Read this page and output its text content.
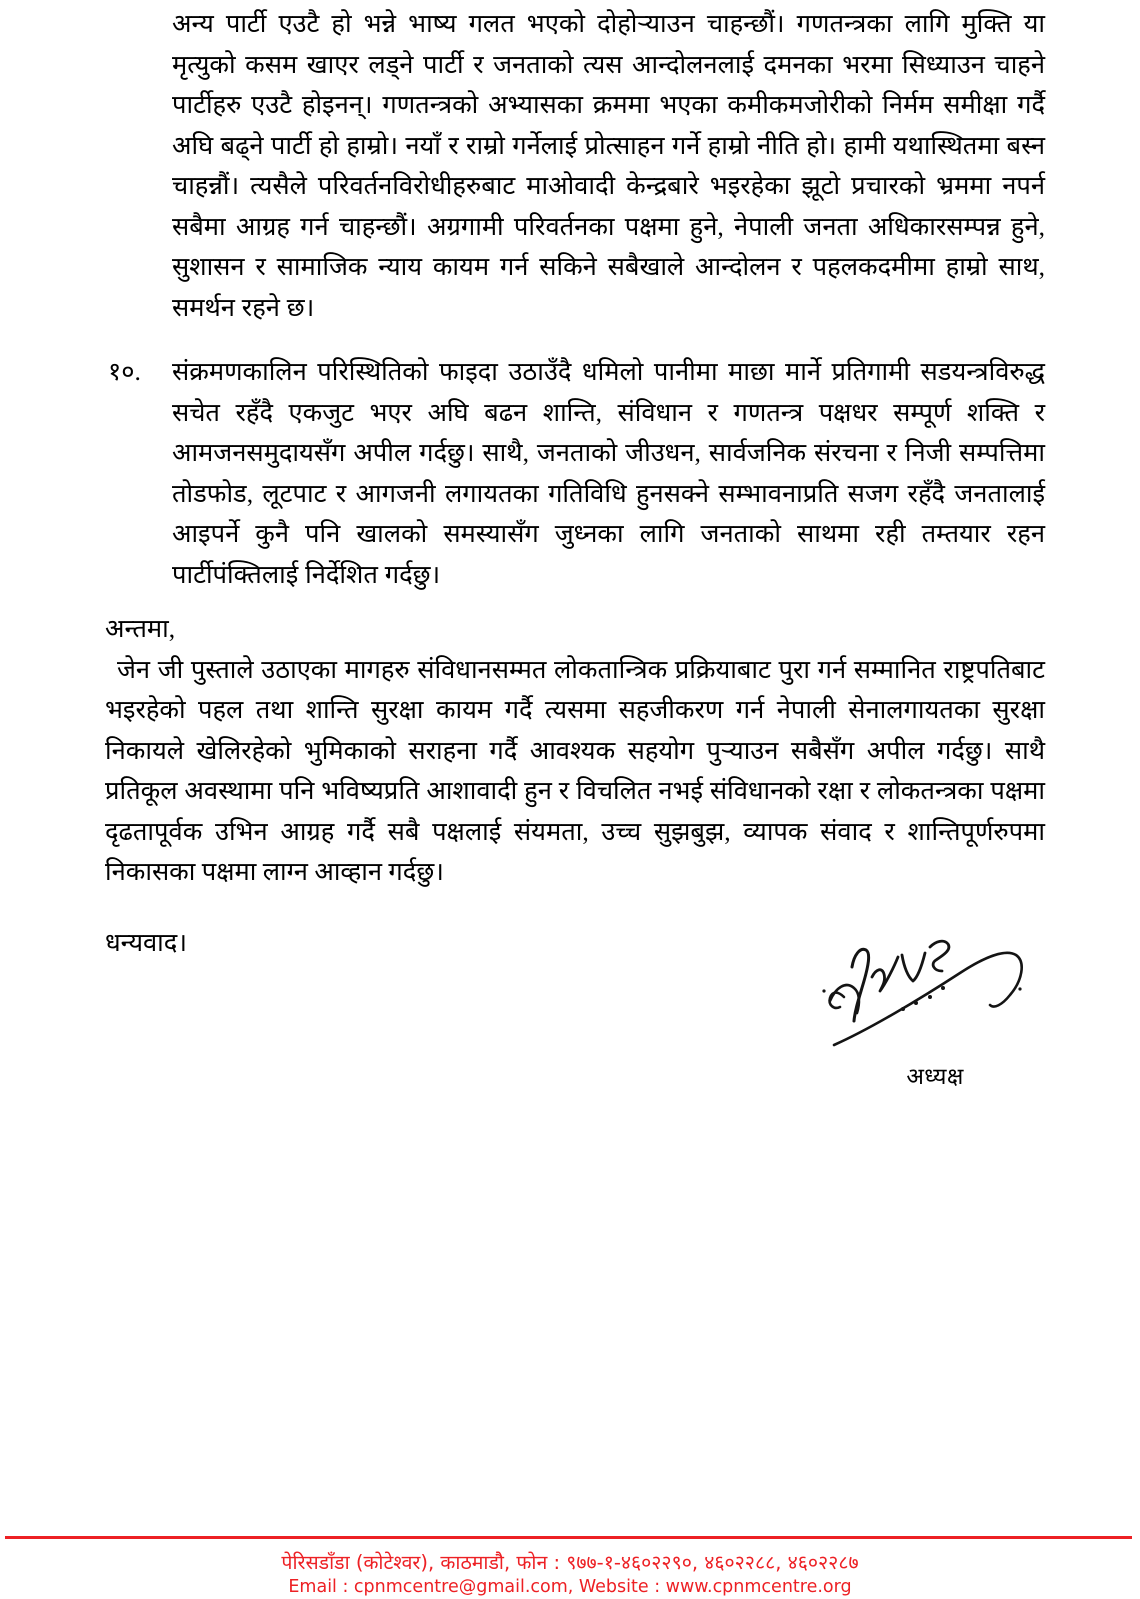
अन्य पार्टी एउटै हो भन्ने भाष्य गलत भएको दोहोर्‍याउन चाहन्छौं। गणतन्त्रका लागि मुक्ति या मृत्युको कसम खाएर लड्ने पार्टी र जनताको त्यस आन्दोलनलाई दमनका भरमा सिध्याउन चाहने पार्टीहरु एउटै होइनन्। गणतन्त्रको अभ्यासका क्रममा भएका कमीकमजोरीको निर्मम समीक्षा गर्दै अघि बढ्ने पार्टी हो हाम्रो। नयाँ र राम्रो गर्नेलाई प्रोत्साहन गर्ने हाम्रो नीति हो। हामी यथास्थितमा बस्न चाहन्नौं। त्यसैले परिवर्तनविरोधीहरुबाट माओवादी केन्द्रबारे भइरहेका झूटो प्रचारको भ्रममा नपर्न सबैमा आग्रह गर्न चाहन्छौं। अग्रगामी परिवर्तनका पक्षमा हुने, नेपाली जनता अधिकारसम्पन्न हुने, सुशासन र सामाजिक न्याय कायम गर्न सकिने सबैखाले आन्दोलन र पहलकदमीमा हाम्रो साथ, समर्थन रहने छ।

१०. संक्रमणकालिन परिस्थितिको फाइदा उठाउँदै धमिलो पानीमा माछा मार्ने प्रतिगामी सडयन्त्रविरुद्ध सचेत रहँदै एकजुट भएर अघि बढन शान्ति, संविधान र गणतन्त्र पक्षधर सम्पूर्ण शक्ति र आमजनसमुदायसँग अपील गर्दछु। साथै, जनताको जीउधन, सार्वजनिक संरचना र निजी सम्पत्तिमा तोडफोड, लूटपाट र आगजनी लगायतका गतिविधि हुनसक्ने सम्भावनाप्रति सजग रहँदै जनतालाई आइपर्ने कुनै पनि खालको समस्यासँग जुध्नका लागि जनताको साथमा रही तम्तयार रहन पार्टीपंक्तिलाई निर्देशित गर्दछु।

अन्तमा,
जेन जी पुस्ताले उठाएका मागहरु संविधानसम्मत लोकतान्त्रिक प्रक्रियाबाट पुरा गर्न सम्मानित राष्ट्रपतिबाट भइरहेको पहल तथा शान्ति सुरक्षा कायम गर्दै त्यसमा सहजीकरण गर्न नेपाली सेनालगायतका सुरक्षा निकायले खेलिरहेको भुमिकाको सराहना गर्दै आवश्यक सहयोग पुर्‍याउन सबैसँग अपील गर्दछु। साथै प्रतिकूल अवस्थामा पनि भविष्यप्रति आशावादी हुन र विचलित नभई संविधानको रक्षा र लोकतन्त्रका पक्षमा दृढतापूर्वक उभिन आग्रह गर्दै सबै पक्षलाई संयमता, उच्च सुझबुझ, व्यापक संवाद र शान्तिपूर्णरुपमा निकासका पक्षमा लाग्न आव्हान गर्दछु।
धन्यवाद।
अध्यक्ष
पेरिसडाँडा (कोटेश्वर), काठमाडौै, फोन : ९७७-१-४६०२२९०, ४६०२२८८, ४६०२२८७
Email : cpnmcentre@gmail.com, Website : www.cpnmcentre.org
